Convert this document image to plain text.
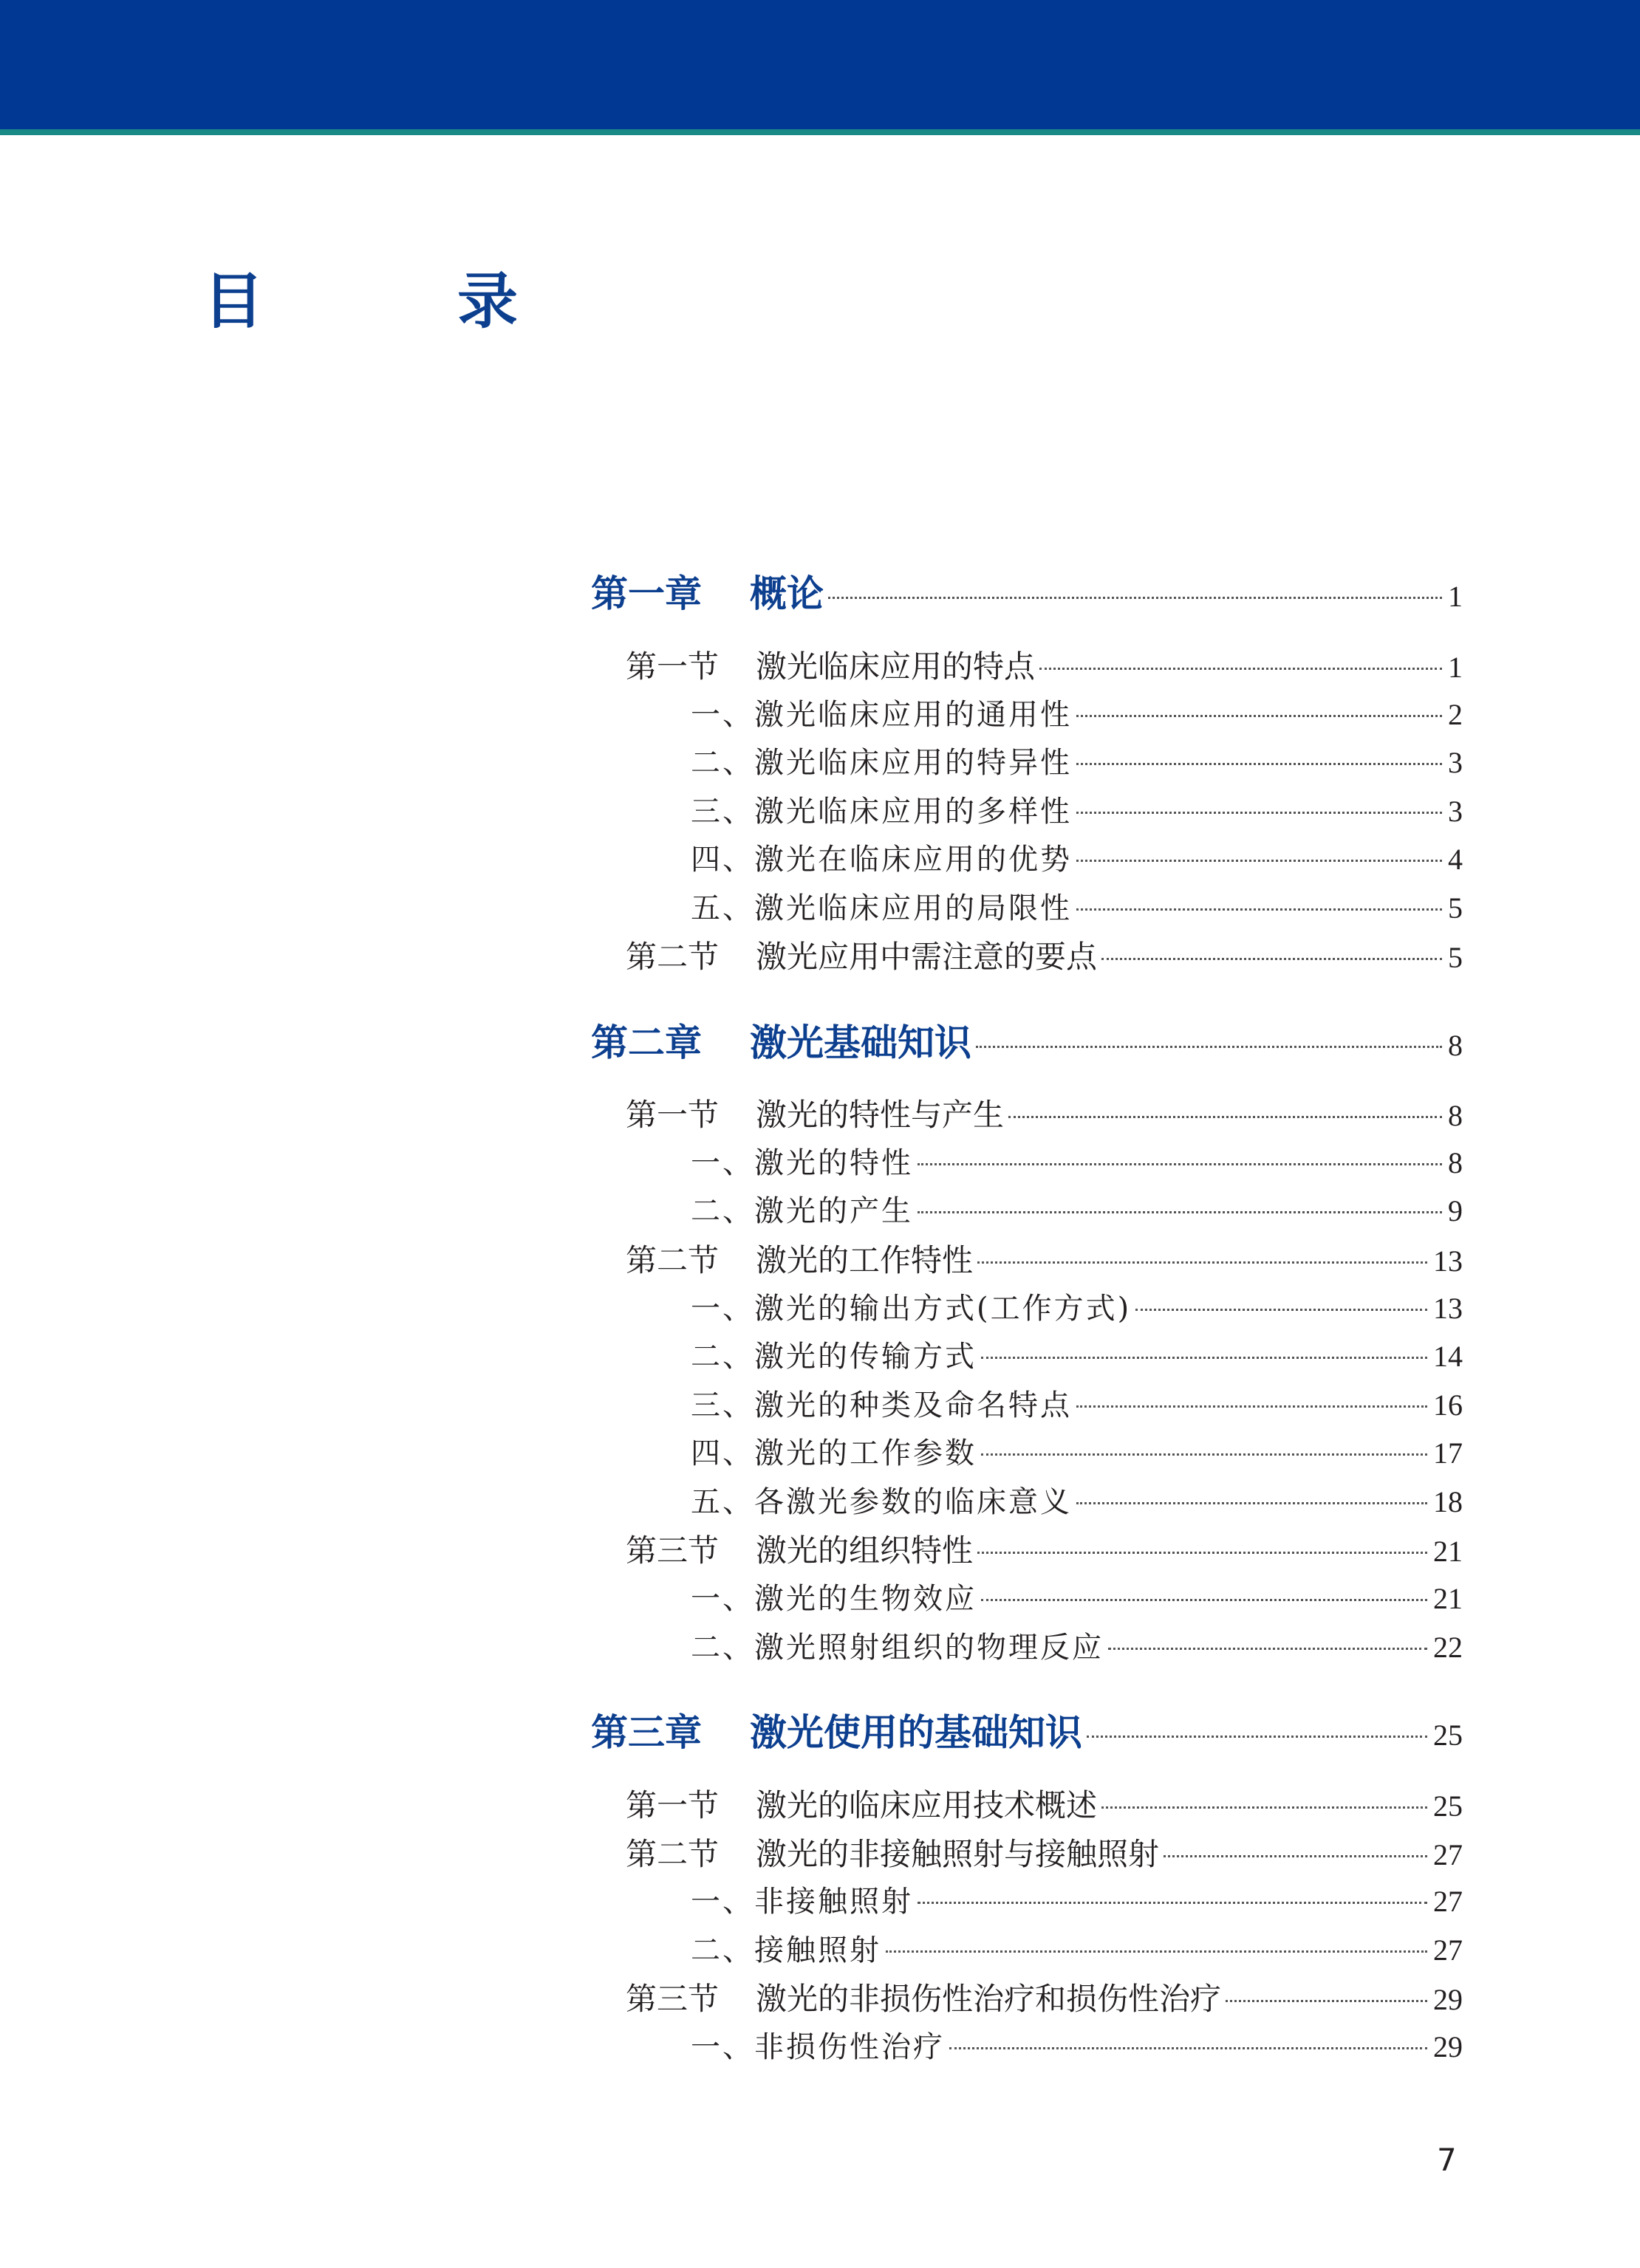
目　录
第一章	概论	1
第一节	激光临床应用的特点	1
一、激光临床应用的通用性	2
二、激光临床应用的特异性	3
三、激光临床应用的多样性	3
四、激光在临床应用的优势	4
五、激光临床应用的局限性	5
第二节	激光应用中需注意的要点	5
第二章	激光基础知识	8
第一节	激光的特性与产生	8
一、激光的特性	8
二、激光的产生	9
第二节	激光的工作特性	13
一、激光的输出方式(工作方式)	13
二、激光的传输方式	14
三、激光的种类及命名特点	16
四、激光的工作参数	17
五、各激光参数的临床意义	18
第三节	激光的组织特性	21
一、激光的生物效应	21
二、激光照射组织的物理反应	22
第三章	激光使用的基础知识	25
第一节	激光的临床应用技术概述	25
第二节	激光的非接触照射与接触照射	27
一、非接触照射	27
二、接触照射	27
第三节	激光的非损伤性治疗和损伤性治疗	29
一、非损伤性治疗	29
7
